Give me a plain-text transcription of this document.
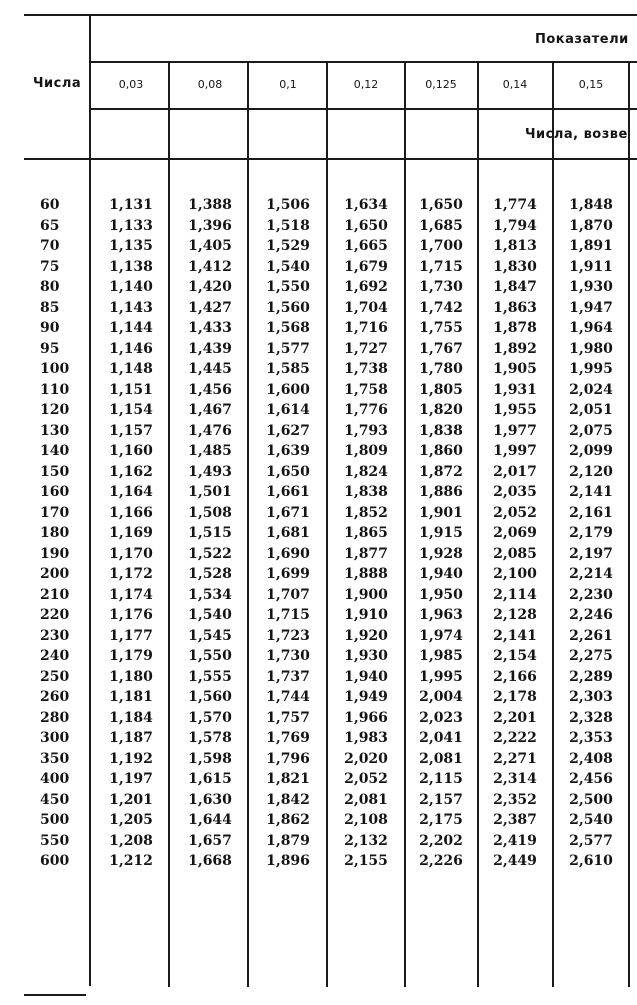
Числа
Показатели
Числа, возве
0,03	0,08	0,1	0,12	0,125	0,14	0,15
60	1,131	1,388 1,506 1,634 1,650 1,774 1,848
65	1,133	1,396 1,518 1,650 1,685 1,794 1,870
70	1,135	1,405 1,529 1,665 1,700 1,813 1,891
75	1,138	1,412 1,540 1,679 1,715 1,830 1,911
80	1,140	1,420 1,550 1,692 1,730 1,847 1,930
85	1,143	1,427 1,560 1,704 1,742 1,863 1,947
90	1,144	1,433 1,568 1,716 1,755 1,878 1,964
95	1,146	1,439 1,577 1,727 1,767 1,892 1,980
100	1,148	1,445 1,585 1,738 1,780 1,905 1,995
110	1,151	1,456 1,600 1,758 1,805 1,931 2,024
120	1,154	1,467 1,614 1,776 1,820 1,955 2,051
130	1,157	1,476 1,627 1,793 1,838 1,977 2,075
140	1,160	1,485 1,639 1,809 1,860 1,997 2,099
150	1,162	1,493 1,650 1,824 1,872 2,017 2,120
160	1,164	1,501 1,661 1,838 1,886 2,035 2,141
170	1,166	1,508 1,671 1,852 1,901 2,052 2,161
180	1,169	1,515 1,681 1,865 1,915 2,069 2,179
190	1,170	1,522 1,690 1,877 1,928 2,085 2,197
200	1,172	1,528 1,699 1,888 1,940 2,100 2,214
210	1,174	1,534 1,707 1,900 1,950 2,114 2,230
220	1,176	1,540 1,715 1,910 1,963 2,128 2,246
230	1,177	1,545 1,723 1,920 1,974 2,141 2,261
240	1,179	1,550 1,730 1,930 1,985 2,154 2,275
250	1,180	1,555 1,737 1,940 1,995 2,166 2,289
260	1,181	1,560 1,744 1,949 2,004 2,178 2,303
280	1,184	1,570 1,757 1,966 2,023 2,201 2,328
300	1,187	1,578 1,769 1,983 2,041 2,222 2,353
350	1,192	1,598 1,796 2,020 2,081 2,271 2,408
400	1,197	1,615 1,821 2,052 2,115 2,314 2,456
450	1,201	1,630 1,842 2,081 2,157 2,352 2,500
500	1,205	1,644 1,862 2,108 2,175 2,387 2,540
550	1,208	1,657 1,879 2,132 2,202 2,419 2,577
600	1,212	1,668 1,896 2,155 2,226 2,449 2,610
